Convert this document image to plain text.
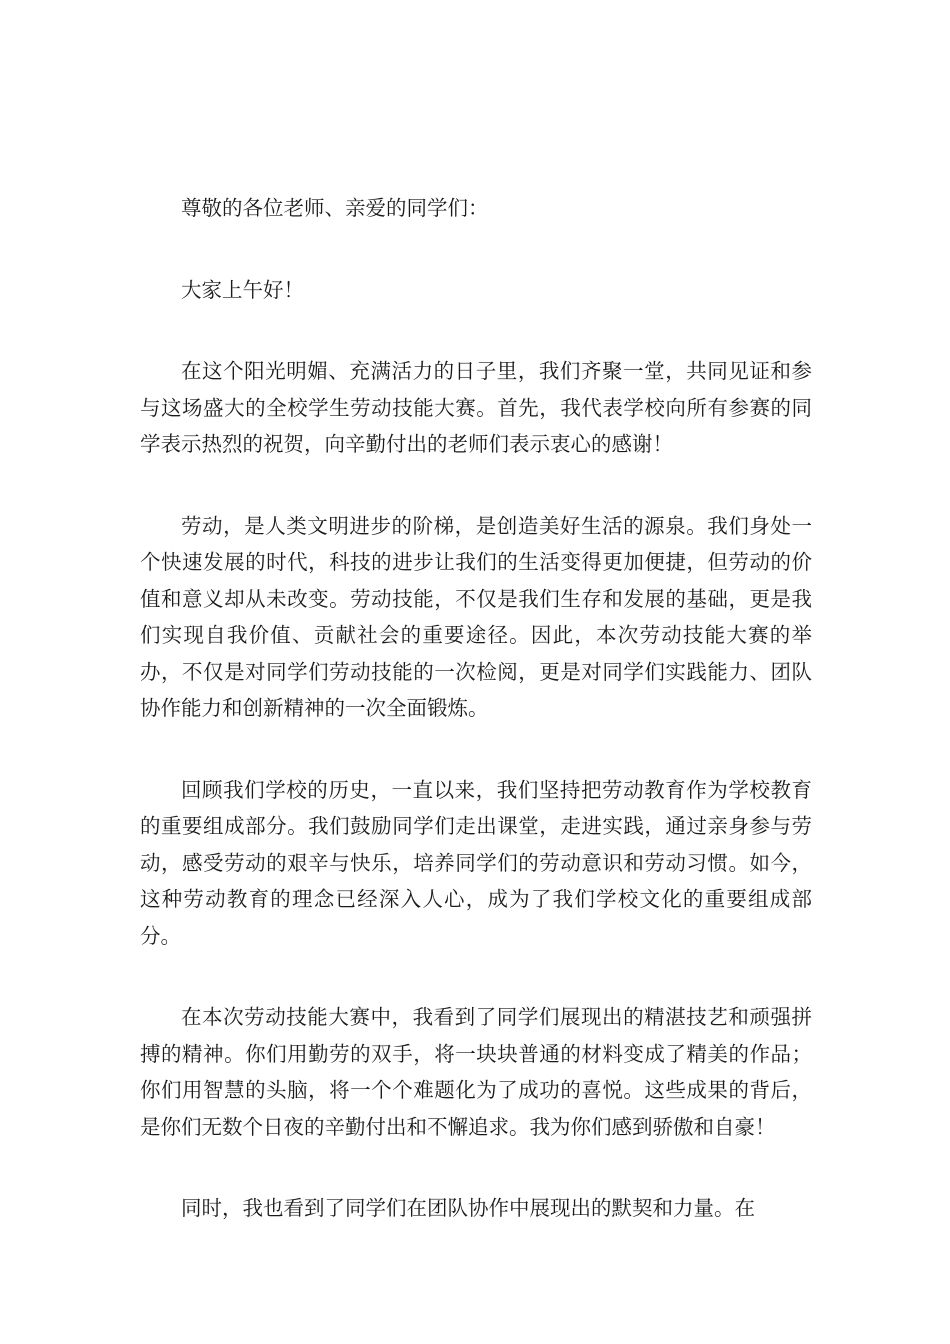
尊敬的各位老师、亲爱的同学们：

大家上午好！

在这个阳光明媚、充满活力的日子里，我们齐聚一堂，共同见证和参与这场盛大的全校学生劳动技能大赛。首先，我代表学校向所有参赛的同学表示热烈的祝贺，向辛勤付出的老师们表示衷心的感谢！

劳动，是人类文明进步的阶梯，是创造美好生活的源泉。我们身处一个快速发展的时代，科技的进步让我们的生活变得更加便捷，但劳动的价值和意义却从未改变。劳动技能，不仅是我们生存和发展的基础，更是我们实现自我价值、贡献社会的重要途径。因此，本次劳动技能大赛的举办，不仅是对同学们劳动技能的一次检阅，更是对同学们实践能力、团队协作能力和创新精神的一次全面锻炼。

回顾我们学校的历史，一直以来，我们坚持把劳动教育作为学校教育的重要组成部分。我们鼓励同学们走出课堂，走进实践，通过亲身参与劳动，感受劳动的艰辛与快乐，培养同学们的劳动意识和劳动习惯。如今，这种劳动教育的理念已经深入人心，成为了我们学校文化的重要组成部分。

在本次劳动技能大赛中，我看到了同学们展现出的精湛技艺和顽强拼搏的精神。你们用勤劳的双手，将一块块普通的材料变成了精美的作品；你们用智慧的头脑，将一个个难题化为了成功的喜悦。这些成果的背后，是你们无数个日夜的辛勤付出和不懈追求。我为你们感到骄傲和自豪！

同时，我也看到了同学们在团队协作中展现出的默契和力量。在
